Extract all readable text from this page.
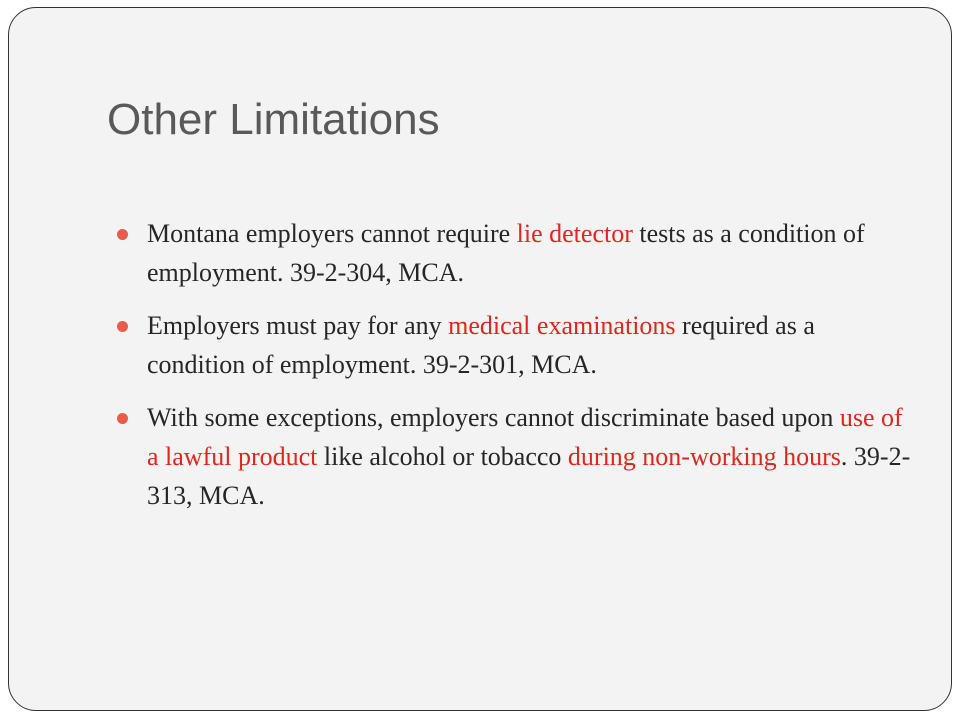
Other Limitations
Montana employers cannot require lie detector tests as a condition of employment. 39-2-304, MCA.
Employers must pay for any medical examinations required as a condition of employment. 39-2-301, MCA.
With some exceptions, employers cannot discriminate based upon use of a lawful product like alcohol or tobacco during non-working hours. 39-2-313, MCA.
